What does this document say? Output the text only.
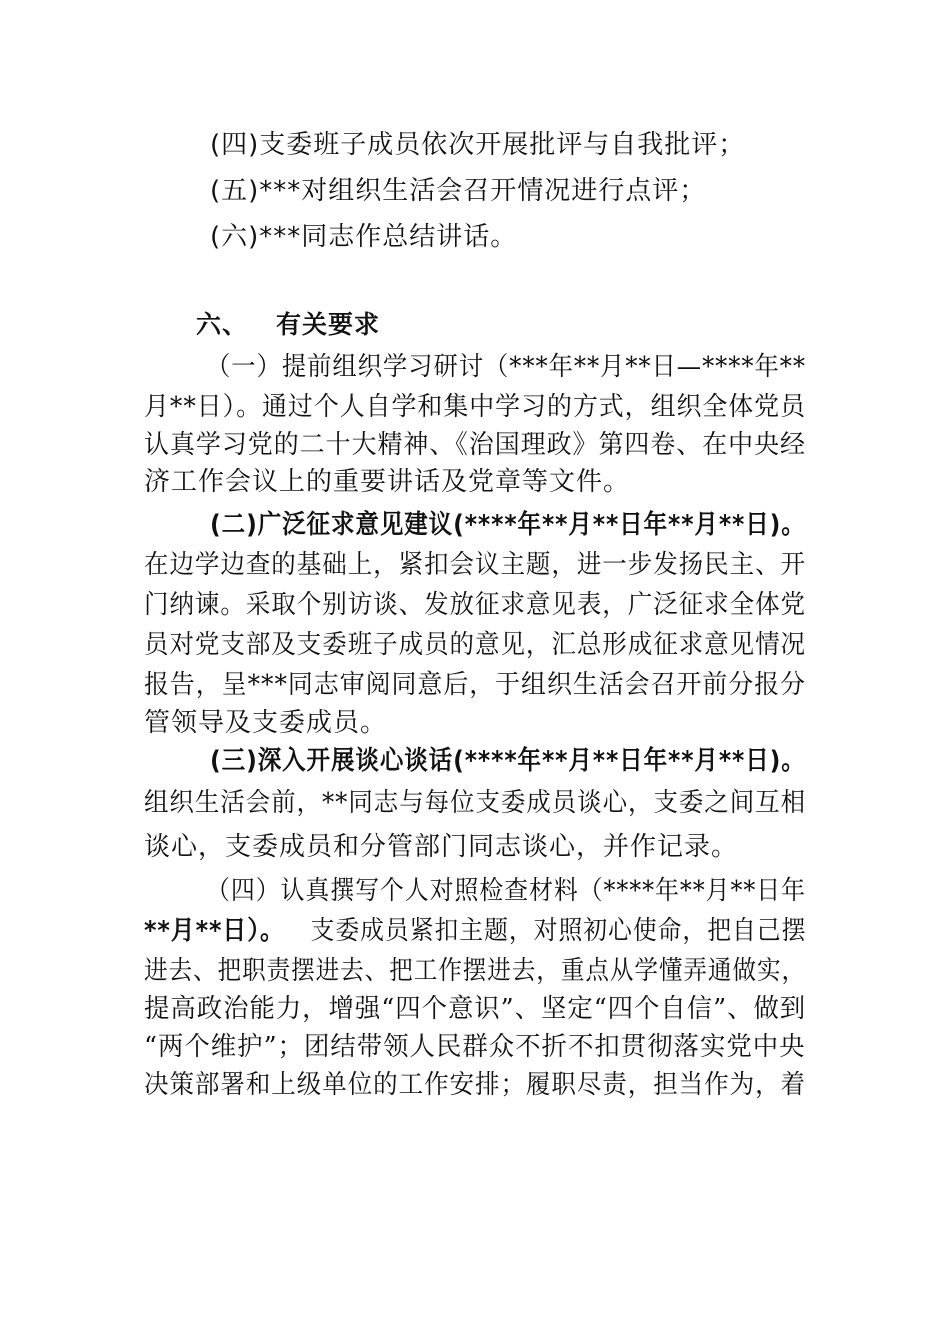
(四)支委班子成员依次开展批评与自我批评；
(五)***对组织生活会召开情况进行点评；
(六)***同志作总结讲话。
六、 有关要求
（一）提前组织学习研讨（***年**月**日—****年**
月**日）。通过个人自学和集中学习的方式，组织全体党员
认真学习党的二十大精神、《治国理政》第四卷、在中央经
济工作会议上的重要讲话及党章等文件。
(二)广泛征求意见建议(****年**月**日年**月**日)。
在边学边查的基础上，紧扣会议主题，进一步发扬民主、开
门纳谏。采取个别访谈、发放征求意见表，广泛征求全体党
员对党支部及支委班子成员的意见，汇总形成征求意见情况
报告，呈***同志审阅同意后，于组织生活会召开前分报分
管领导及支委成员。
(三)深入开展谈心谈话(****年**月**日年**月**日)。
组织生活会前，**同志与每位支委成员谈心，支委之间互相
谈心，支委成员和分管部门同志谈心，并作记录。
（四）认真撰写个人对照检查材料（****年**月**日年
**月**日）。 支委成员紧扣主题，对照初心使命，把自己摆
进去、把职责摆进去、把工作摆进去，重点从学懂弄通做实，
提高政治能力，增强“四个意识”、坚定“四个自信”、做到
“两个维护”；团结带领人民群众不折不扣贯彻落实党中央
决策部署和上级单位的工作安排；履职尽责，担当作为，着
